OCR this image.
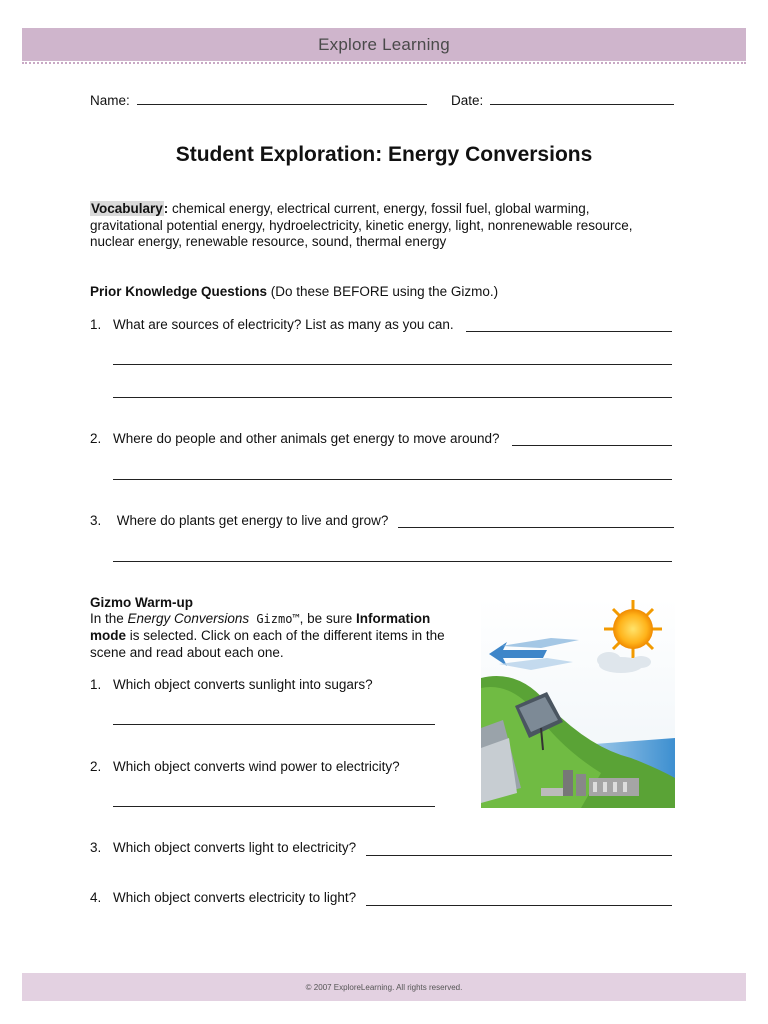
Explore Learning
Name:	Date:
Student Exploration: Energy Conversions
Vocabulary: chemical energy, electrical current, energy, fossil fuel, global warming,
gravitational potential energy, hydroelectricity, kinetic energy, light, nonrenewable resource,
nuclear energy, renewable resource, sound, thermal energy
Prior Knowledge Questions (Do these BEFORE using the Gizmo.)
1. What are sources of electricity? List as many as you can.
2. Where do people and other animals get energy to move around?
3. Where do plants get energy to live and grow?
Gizmo Warm-up
In the Energy Conversions Gizmo™, be sure Information
mode is selected. Click on each of the different items in the
scene and read about each one.
1. Which object converts sunlight into sugars?
2. Which object converts wind power to electricity?
3. Which object converts light to electricity?
4. Which object converts electricity to light?
© 2007 ExploreLearning. All rights reserved.
